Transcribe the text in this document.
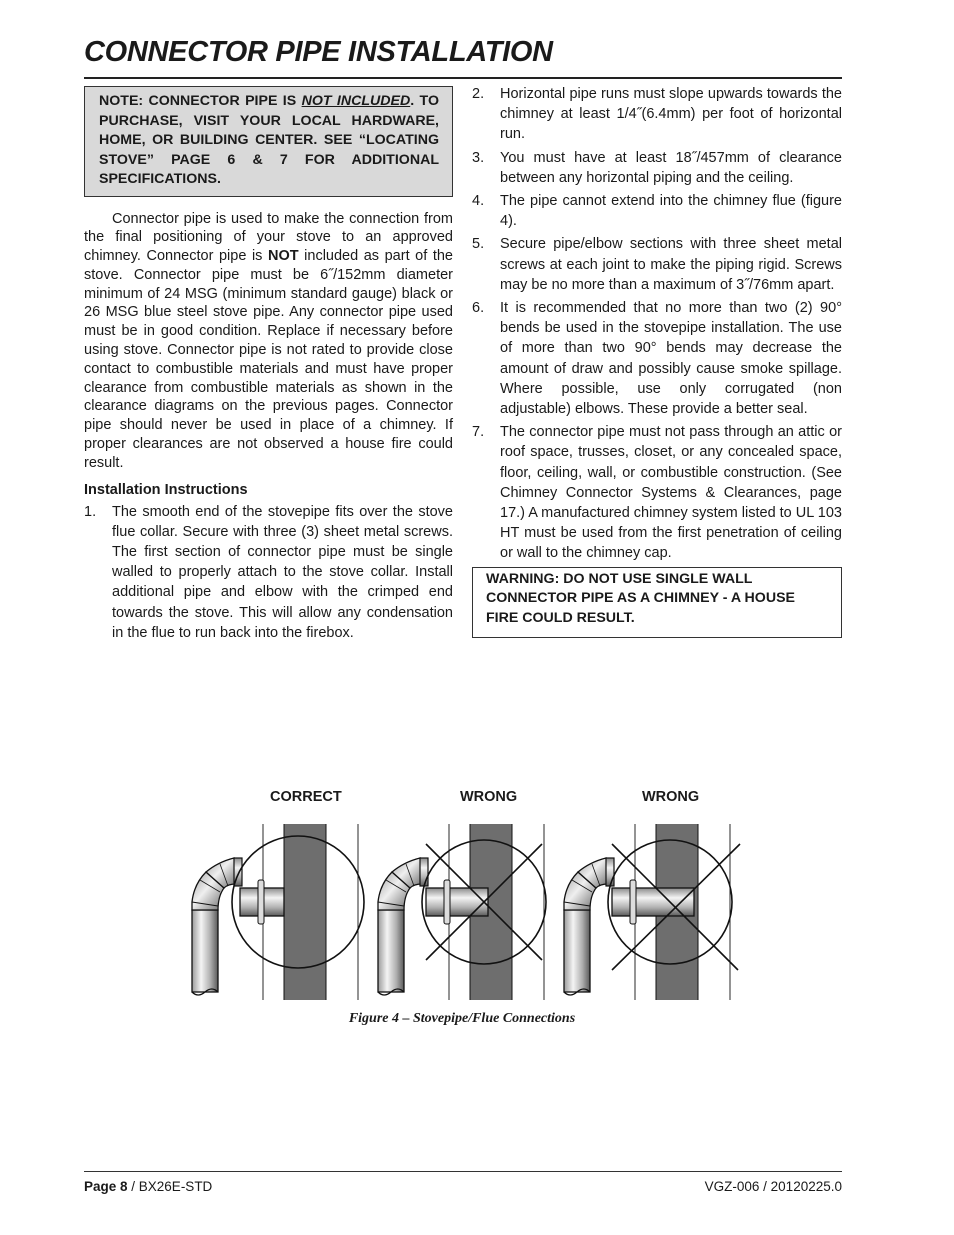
CONNECTOR PIPE INSTALLATION
NOTE: CONNECTOR PIPE IS NOT INCLUDED. TO PURCHASE, VISIT YOUR LOCAL HARDWARE, HOME, OR BUILDING CENTER. SEE “LOCATING STOVE” PAGE 6 & 7 FOR ADDITIONAL SPECIFICATIONS.

Connector pipe is used to make the connection from the final positioning of your stove to an approved chimney. Connector pipe is NOT included as part of the stove. Connector pipe must be 6˝/152mm diameter minimum of 24 MSG (minimum standard gauge) black or 26 MSG blue steel stove pipe. Any connector pipe used must be in good condition. Replace if necessary before using stove. Connector pipe is not rated to provide close contact to combustible materials and must have proper clearance from combustible materials as shown in the clearance diagrams on the previous pages. Connector pipe should never be used in place of a chimney. If proper clearances are not observed a house fire could result.

Installation Instructions
1.	The smooth end of the stovepipe fits over the stove flue collar. Secure with three (3) sheet metal screws. The first section of connector pipe must be single walled to properly attach to the stove collar. Install additional pipe and elbow with the crimped end towards the stove. This will allow any condensation in the flue to run back into the firebox.
2.	Horizontal pipe runs must slope upwards towards the chimney at least 1/4˝(6.4mm) per foot of horizontal run.
3.	You must have at least 18˝/457mm of clearance between any horizontal piping and the ceiling.
4.	The pipe cannot extend into the chimney flue (figure 4).
5.	Secure pipe/elbow sections with three sheet metal screws at each joint to make the piping rigid. Screws may be no more than a maximum of 3˝/76mm apart.
6.	It is recommended that no more than two (2) 90° bends be used in the stovepipe installation. The use of more than two 90° bends may decrease the amount of draw and possibly cause smoke spillage. Where possible, use only corrugated (non adjustable) elbows. These provide a better seal.
7.	The connector pipe must not pass through an attic or roof space, trusses, closet, or any concealed space, floor, ceiling, wall, or combustible construction. (See Chimney Connector Systems & Clearances, page 17.) A manufactured chimney system listed to UL 103 HT must be used from the first penetration of ceiling or wall to the chimney cap.
WARNING: DO NOT USE SINGLE WALL CONNECTOR PIPE AS A CHIMNEY - A HOUSE FIRE COULD RESULT.
CORRECT	WRONG	WRONG
Figure 4 – Stovepipe/Flue Connections
Page 8 / BX26E-STD	VGZ-006 / 20120225.0
